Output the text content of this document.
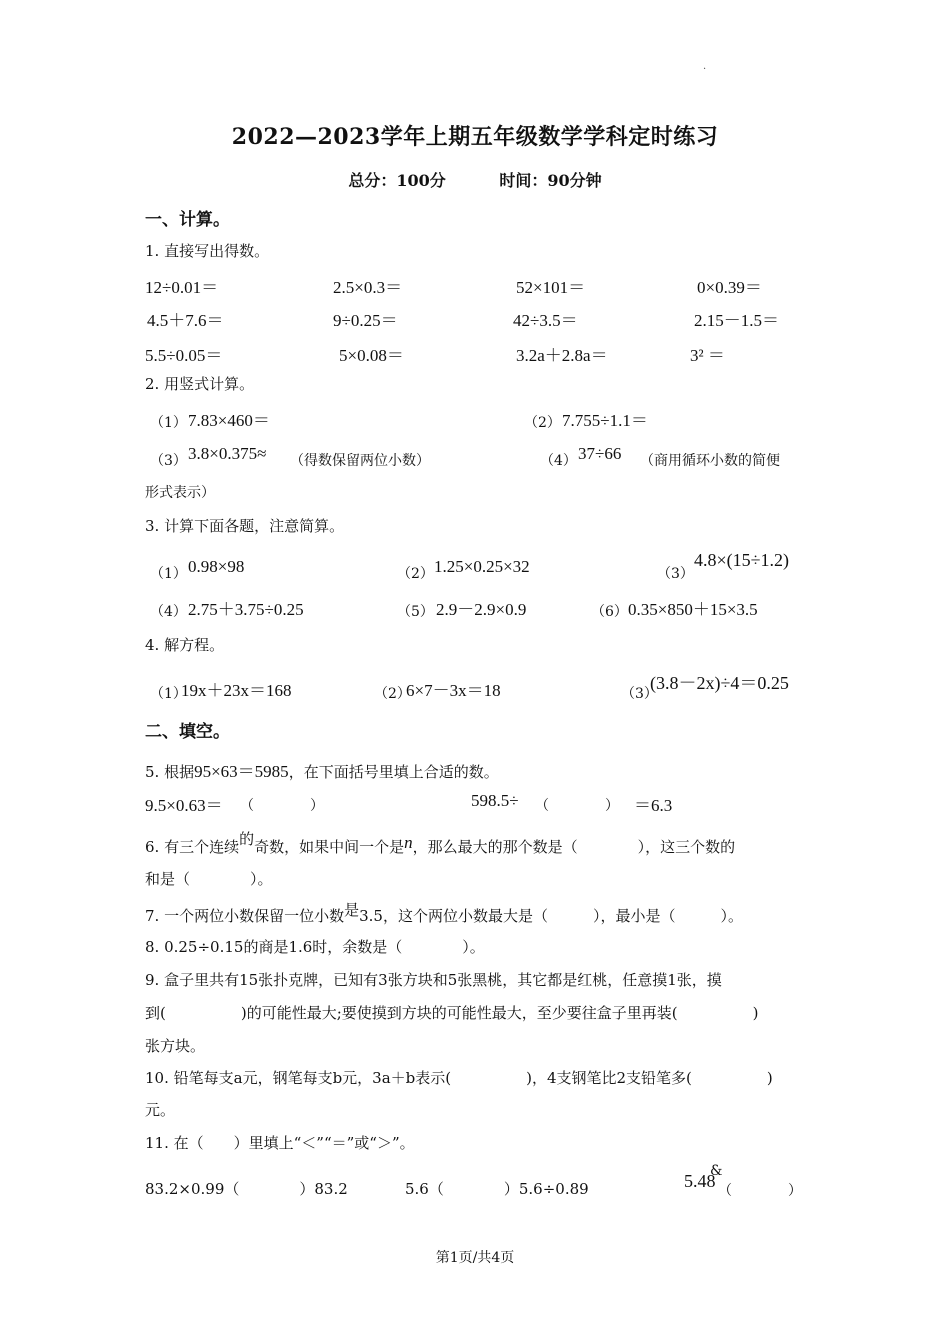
·
2022—2023学年上期五年级数学学科定时练习
总分：100分	时间：90分钟
一、计算。
1. 直接写出得数。
12÷0.01＝	2.5×0.3＝	52×101＝	0×0.39＝
4.5＋7.6＝	9÷0.25＝	42÷3.5＝	2.15－1.5＝
5.5÷0.05＝	5×0.08＝	3.2a＋2.8a＝	3² ＝
2. 用竖式计算。
（1） 7.83×460＝	（2） 7.755÷1.1＝
（3） 3.8×0.375≈ （得数保留两位小数）	（4） 37÷66 （商用循环小数的简便
形式表示）
3. 计算下面各题，注意简算。
（1） 0.98×98	（2） 1.25×0.25×32	（3）
4.8×(15÷1.2)
（4） 2.75＋3.75÷0.25	（5） 2.9－2.9×0.9	（6） 0.35×850＋15×3.5
4. 解方程。
（1）
19x＋23x＝168	（2）
6×7－3x＝18	（3）
(3.8－2x)÷4＝0.25
二、填空。
5. 根据95×63＝5985，在下面括号里填上合适的数。
9.5×0.63＝ （　　　　）	598.5÷ （　　　　） ＝6.3
6. 有三个连续的奇数，如果中间一个是n，那么最大的那个数是（　　　　），这三个数的
和是（　　　　）。
7. 一个两位小数保留一位小数是3.5，这个两位小数最大是（　　　），最小是（　　　）。
8. 0.25÷0.15的商是1.6时，余数是（　　　　）。
9. 盒子里共有15张扑克牌，已知有3张方块和5张黑桃，其它都是红桃，任意摸1张，摸
到(　　　　　)的可能性最大;要使摸到方块的可能性最大，至少要往盒子里再装(　　　　　)
张方块。
10. 铅笔每支a元，钢笔每支b元，3a＋b表示(　　　　　)，4支钢笔比2支铅笔多(　　　　　)
元。
11. 在（　　）里填上“＜”“＝”或“＞”。
83.2×0.99（　　　　）83.2	5.6（　　　　）5.6÷0.89	5.48
&
（　　　　）
第1页/共4页
